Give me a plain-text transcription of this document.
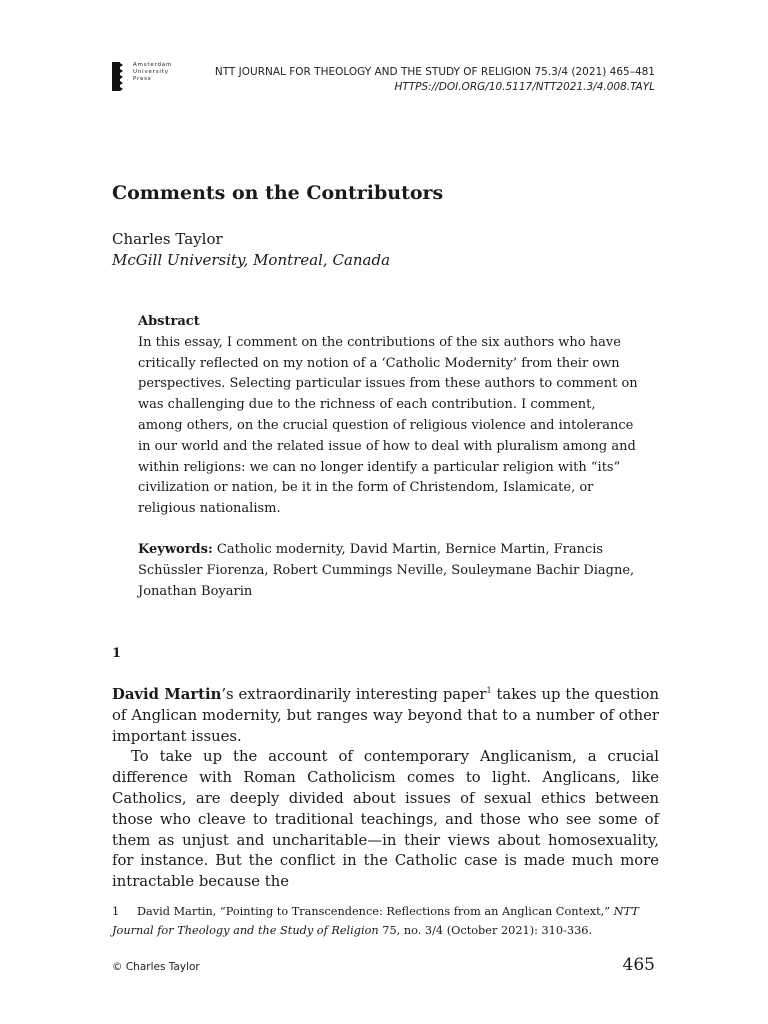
Amsterdam
University
Press
NTT JOURNAL FOR THEOLOGY AND THE STUDY OF RELIGION 75.3/4 (2021) 465–481
HTTPS://DOI.ORG/10.5117/NTT2021.3/4.008.TAYL
Comments on the Contributors
Charles Taylor
McGill University, Montreal, Canada
Abstract
In this essay, I comment on the contributions of the six authors who have critically reflected on my notion of a ‘Catholic Modernity’ from their own perspectives. Selecting particular issues from these authors to comment on was challenging due to the richness of each contribution. I comment, among others, on the crucial question of religious violence and intolerance in our world and the related issue of how to deal with pluralism among and within religions: we can no longer identify a particular religion with “its” civilization or nation, be it in the form of Christendom, Islamicate, or religious nationalism.
Keywords: Catholic modernity, David Martin, Bernice Martin, Francis Schüssler Fiorenza, Robert Cummings Neville, Souleymane Bachir Diagne, Jonathan Boyarin
1

David Martin’s extraordinarily interesting paper$^1$ takes up the question of Anglican modernity, but ranges way beyond that to a number of other important issues.

To take up the account of contemporary Anglicanism, a crucial difference with Roman Catholicism comes to light. Anglicans, like Catholics, are deeply divided about issues of sexual ethics between those who cleave to traditional teachings, and those who see some of them as unjust and uncharitable—in their views about homosexuality, for instance. But the conflict in the Catholic case is made much more intractable because the

1 David Martin, “Pointing to Transcendence: Reflections from an Anglican Context,” NTT Journal for Theology and the Study of Religion 75, no. 3/4 (October 2021): 310-336.
© Charles Taylor	465
